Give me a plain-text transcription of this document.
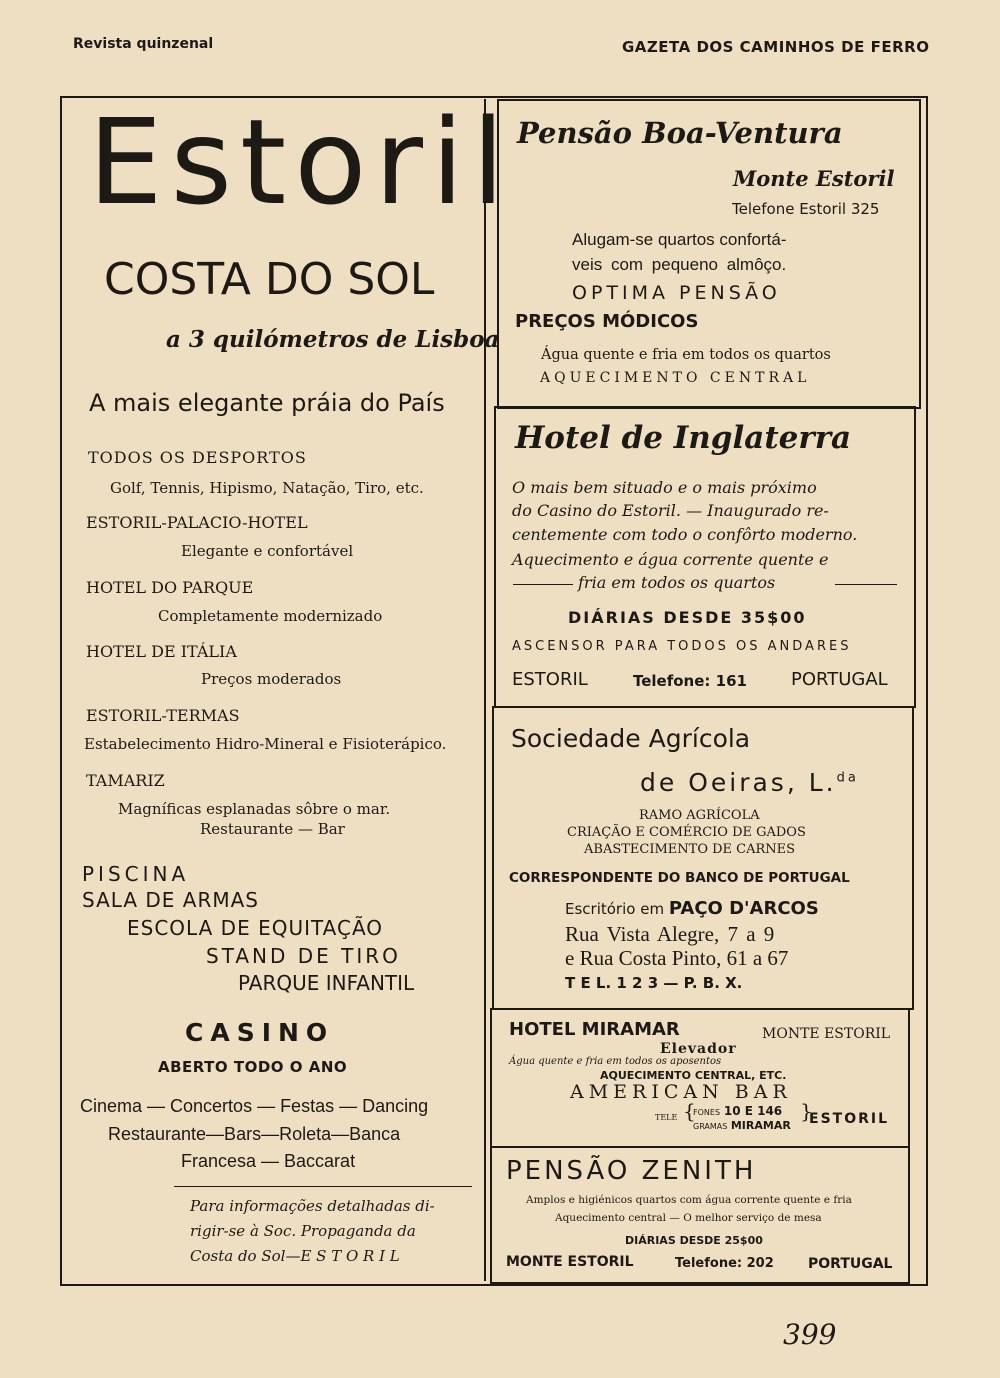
Revista quinzenal	GAZETA DOS CAMINHOS DE FERRO
Estoril
COSTA DO SOL
a 3 quilómetros de Lisboa
A mais elegante práia do País
TODOS OS DESPORTOS
Golf, Tennis, Hipismo, Natação, Tiro, etc.
ESTORIL-PALACIO-HOTEL
Elegante e confortável
HOTEL DO PARQUE
Completamente modernizado
HOTEL DE ITÁLIA
Preços moderados
ESTORIL-TERMAS
Estabelecimento Hidro-Mineral e Fisioterápico.
TAMARIZ
Magníficas esplanadas sôbre o mar.
Restaurante — Bar
PISCINA
SALA DE ARMAS
ESCOLA DE EQUITAÇÃO
STAND DE TIRO
PARQUE INFANTIL
CASINO
ABERTO TODO O ANO
Cinema — Concertos — Festas — Dancing
Restaurante—Bars—Roleta—Banca
Francesa — Baccarat
Para informações detalhadas di-
rigir-se à Soc. Propaganda da
Costa do Sol—E S T O R I L
Pensão Boa-Ventura
Monte Estoril
Telefone Estoril 325
Alugam-se quartos confortá-
veis com pequeno almôço.
OPTIMA PENSÃO
PREÇOS MÓDICOS
Água quente e fria em todos os quartos
AQUECIMENTO CENTRAL
Hotel de Inglaterra
O mais bem situado e o mais próximo
do Casino do Estoril. — Inaugurado re-
centemente com todo o confôrto moderno.
Aquecimento e água corrente quente e
fria em todos os quartos
DIÁRIAS DESDE 35$00
ASCENSOR PARA TODOS OS ANDARES
ESTORIL	Telefone: 161 PORTUGAL
Sociedade Agrícola
de Oeiras, L.$^{da}$
RAMO AGRÍCOLA
CRIAÇÃO E COMÉRCIO DE GADOS
ABASTECIMENTO DE CARNES
CORRESPONDENTE DO BANCO DE PORTUGAL
Escritório em PAÇO D'ARCOS
Rua Vista Alegre, 7 a 9
e Rua Costa Pinto, 61 a 67
T E L. 1 2 3 — P. B. X.
HOTEL MIRAMAR	MONTE ESTORIL
Elevador
Água quente e fria em todos os aposentos
AQUECIMENTO CENTRAL, ETC.
AMERICAN BAR
TELE {
FONES 10 E 146
GRAMAS MIRAMAR
}
ESTORIL
PENSÃO ZENITH
Amplos e higiénicos quartos com água corrente quente e fria
Aquecimento central — O melhor serviço de mesa
DIÁRIAS DESDE 25$00
MONTE ESTORIL	Telefone: 202 PORTUGAL
399
